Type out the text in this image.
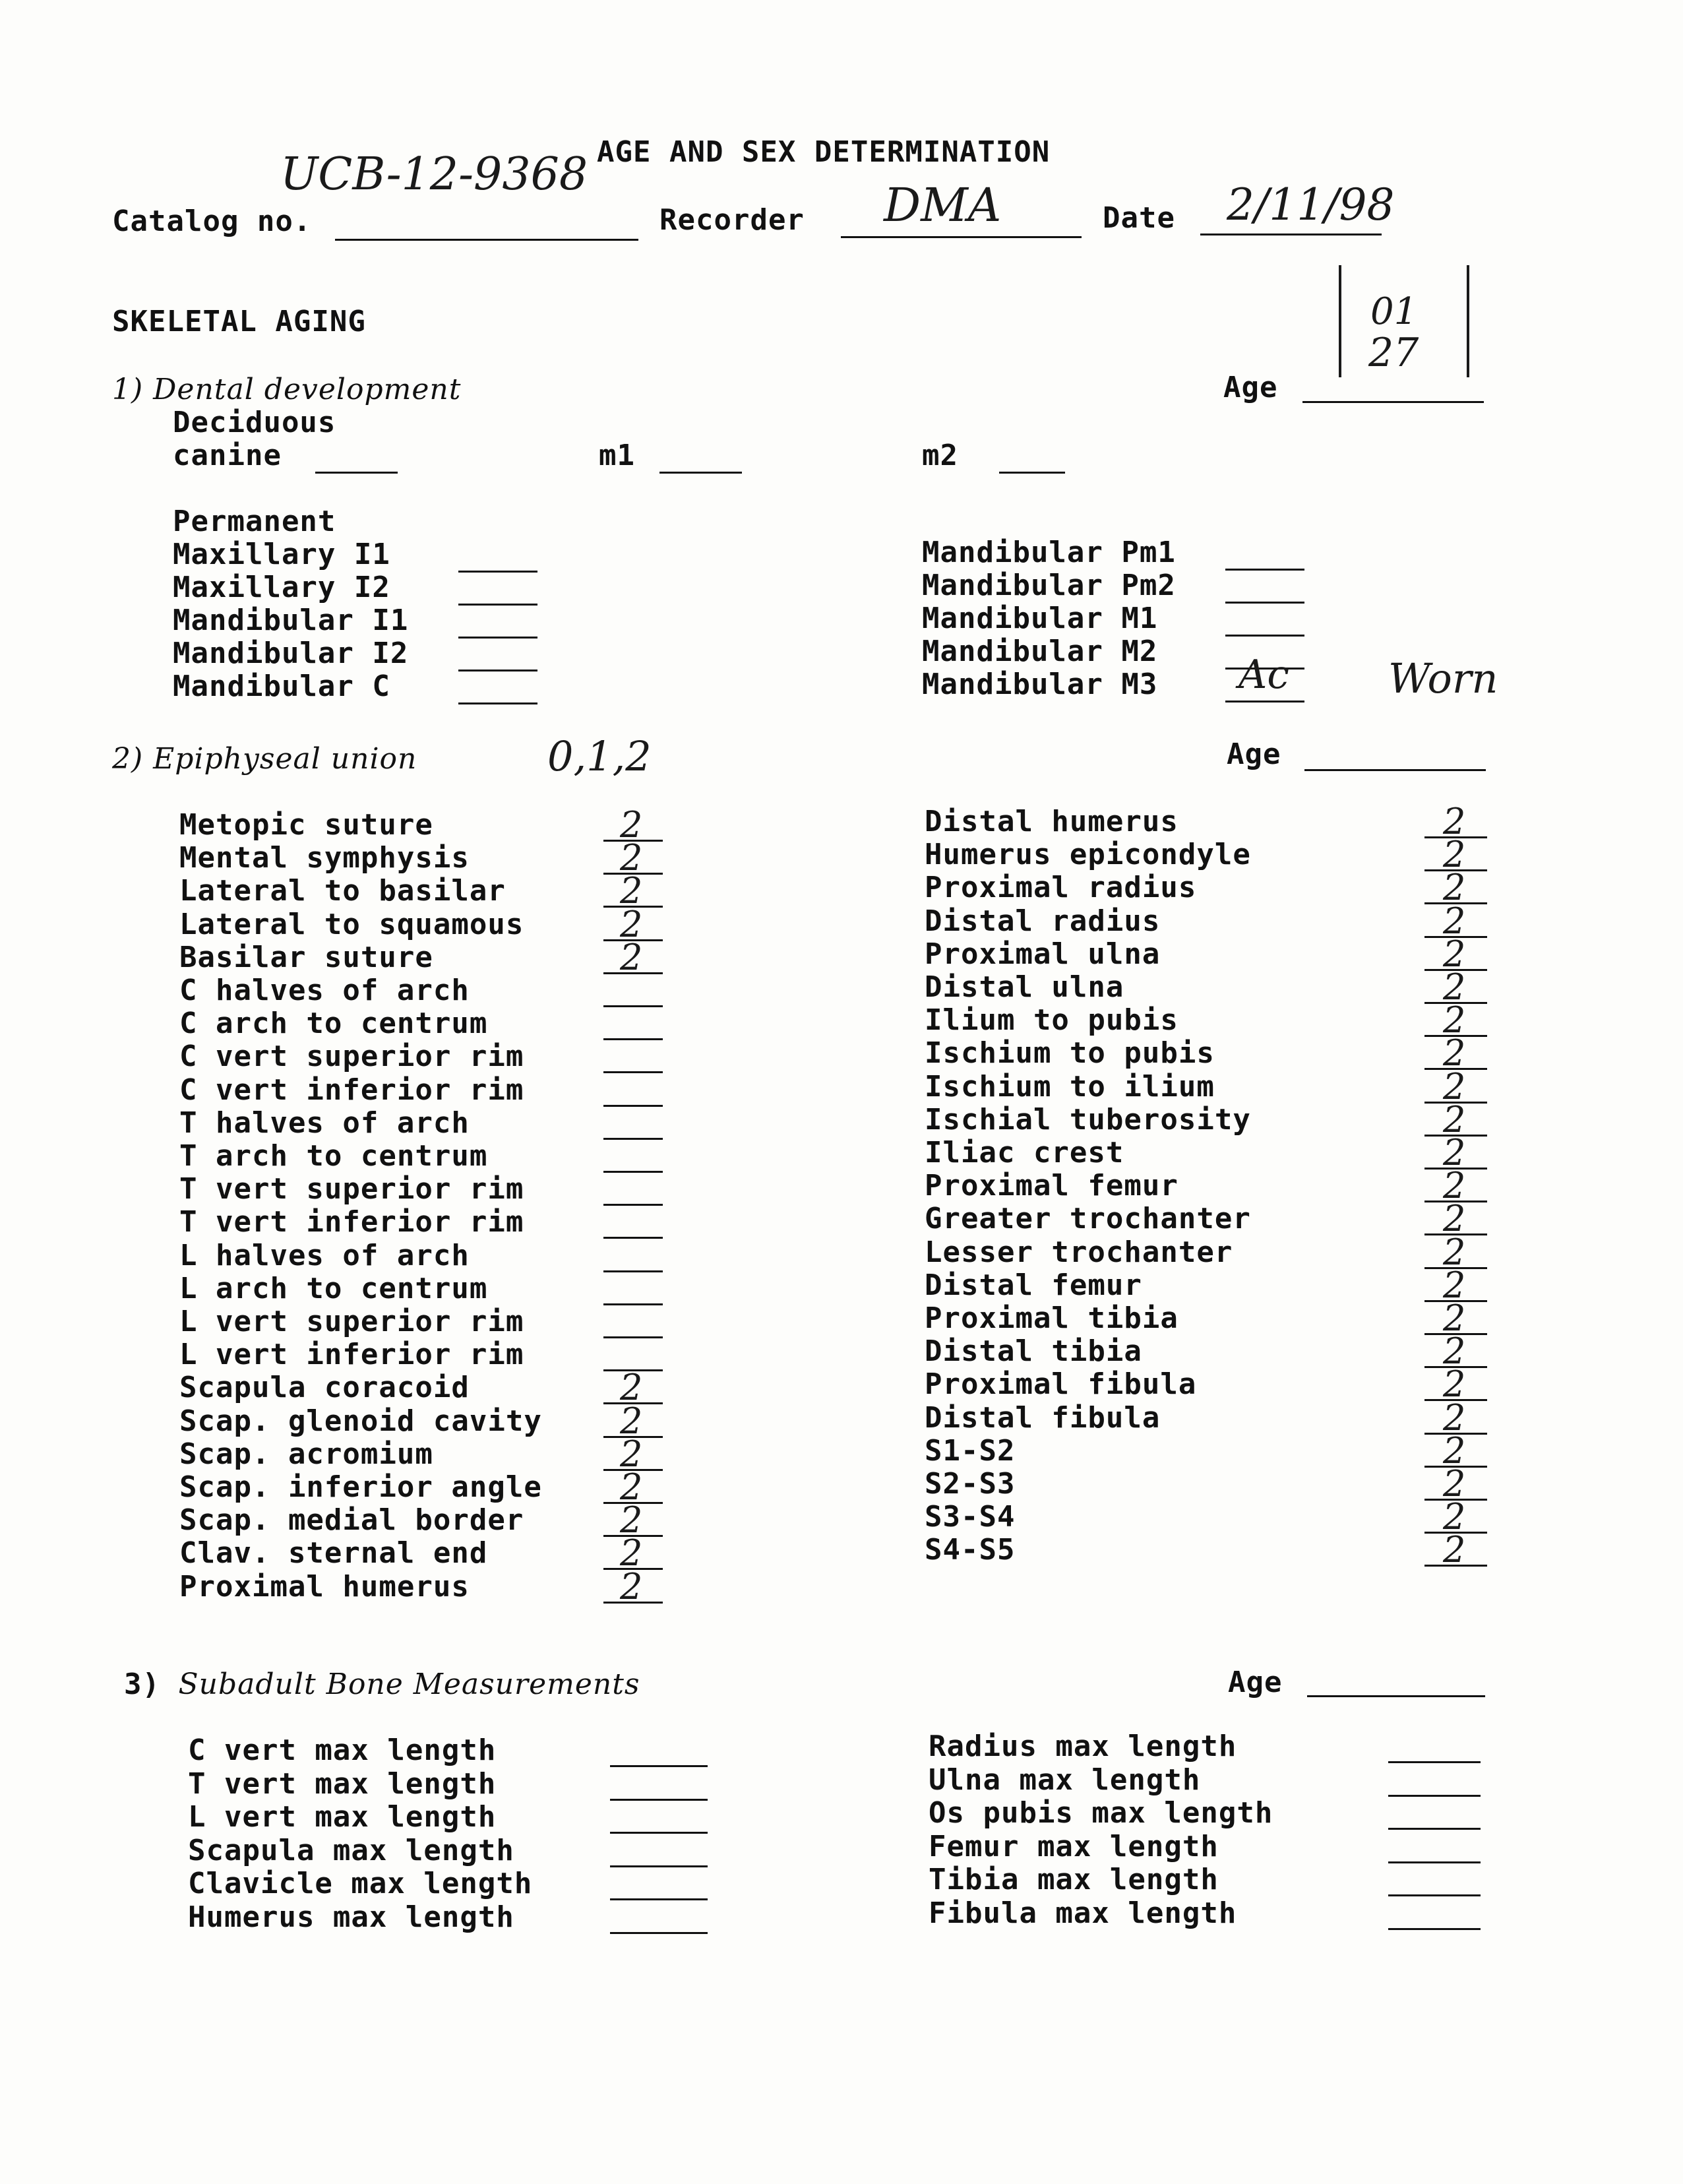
AGE AND SEX DETERMINATION
Catalog no.
UCB-12-9368
Recorder DMA	Date 2/11/98
SKELETAL AGING	01
27
1) Dental development	Age
Deciduous
canine	m1	m2
Permanent
Maxillary I1
Maxillary I2
Mandibular I1
Mandibular I2
Mandibular C
Mandibular Pm1
Mandibular Pm2
Mandibular M1
Mandibular M2
Mandibular M3 Ac Worn
2) Epiphyseal union	0,1,2	Age
Metopic suture	2
Mental symphysis	2
Lateral to basilar	2
Lateral to squamous	2
Basilar suture	2
C halves of arch
C arch to centrum
C vert superior rim
C vert inferior rim
T halves of arch
T arch to centrum
T vert superior rim
T vert inferior rim
L halves of arch
L arch to centrum
L vert superior rim
L vert inferior rim
Scapula coracoid	2
Scap. glenoid cavity 2
Scap. acromium	2
Scap. inferior angle 2
Scap. medial border	2
Clav. sternal end	2
Proximal humerus	2
Distal humerus	2
Humerus epicondyle	2
Proximal radius	2
Distal radius	2
Proximal ulna	2
Distal ulna	2
Ilium to pubis	2
Ischium to pubis	2
Ischium to ilium	2
Ischial tuberosity	2
Iliac crest	2
Proximal femur	2
Greater trochanter	2
Lesser trochanter	2
Distal femur	2
Proximal tibia	2
Distal tibia	2
Proximal fibula	2
Distal fibula	2
S1-S2	2
S2-S3	2
S3-S4	2
S4-S5	2
3) Subadult Bone Measurements	Age
C vert max length
T vert max length
L vert max length
Scapula max length
Clavicle max length
Humerus max length
Radius max length
Ulna max length
Os pubis max length
Femur max length
Tibia max length
Fibula max length
